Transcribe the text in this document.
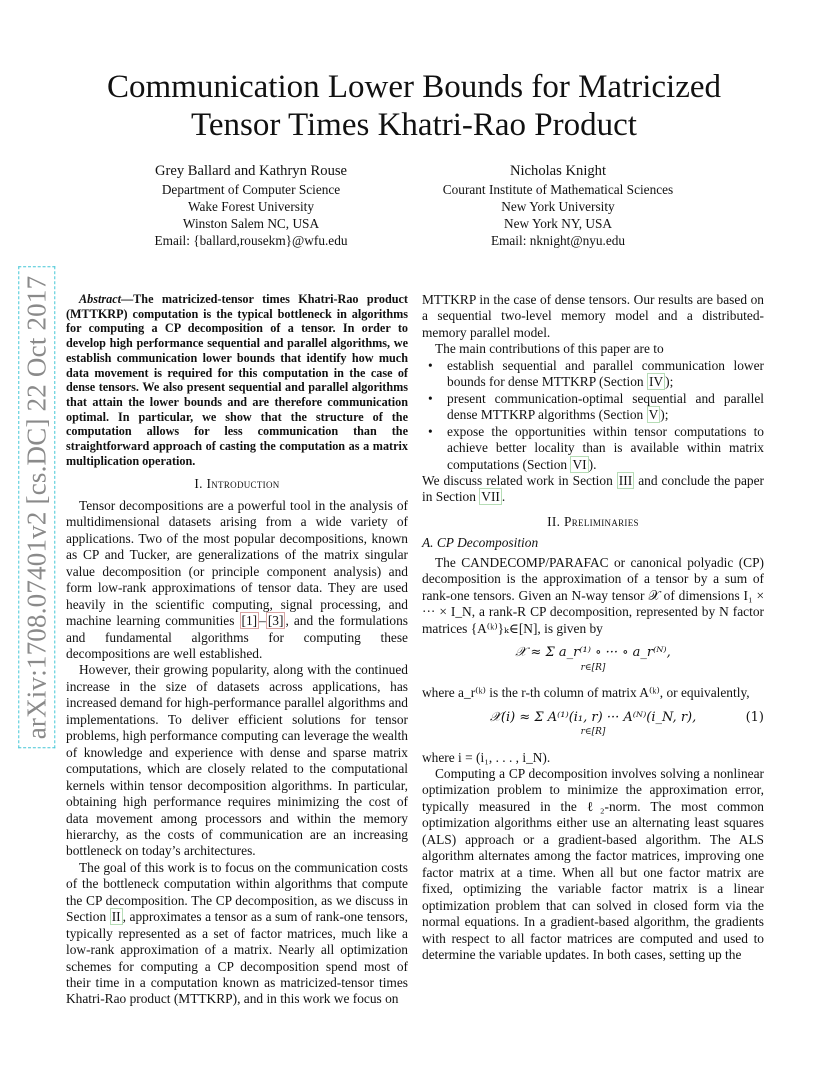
arXiv:1708.07401v2 [cs.DC] 22 Oct 2017
Communication Lower Bounds for Matricized Tensor Times Khatri-Rao Product
Grey Ballard and Kathryn Rouse
Department of Computer Science
Wake Forest University
Winston Salem NC, USA
Email: {ballard,rousekm}@wfu.edu
Nicholas Knight
Courant Institute of Mathematical Sciences
New York University
New York NY, USA
Email: nknight@nyu.edu

Abstract—The matricized-tensor times Khatri-Rao product (MTTKRP) computation is the typical bottleneck in algorithms for computing a CP decomposition of a tensor. In order to develop high performance sequential and parallel algorithms, we establish communication lower bounds that identify how much data movement is required for this computation in the case of dense tensors. We also present sequential and parallel algorithms that attain the lower bounds and are therefore communication optimal. In particular, we show that the structure of the computation allows for less communication than the straightforward approach of casting the computation as a matrix multiplication operation.

I. Introduction

Tensor decompositions are a powerful tool in the analysis of multidimensional datasets arising from a wide variety of applications. Two of the most popular decompositions, known as CP and Tucker, are generalizations of the matrix singular value decomposition (or principle component analysis) and form low-rank approximations of tensor data. They are used heavily in the scientific computing, signal processing, and machine learning communities [1] – [3] , and the formulations and fundamental algorithms for computing these decompositions are well established.

However, their growing popularity, along with the continued increase in the size of datasets across applications, has increased demand for high-performance parallel algorithms and implementations. To deliver efficient solutions for tensor problems, high performance computing can leverage the wealth of knowledge and experience with dense and sparse matrix computations, which are closely related to the computational kernels within tensor decomposition algorithms. In particular, obtaining high performance requires minimizing the cost of data movement among processors and within the memory hierarchy, as the costs of communication are an increasing bottleneck on today’s architectures.

The goal of this work is to focus on the communication costs of the bottleneck computation within algorithms that compute the CP decomposition. The CP decomposition, as we discuss in Section II , approximates a tensor as a sum of rank-one tensors, typically represented as a set of factor matrices, much like a low-rank approximation of a matrix. Nearly all optimization schemes for computing a CP decomposition spend most of their time in a computation known as matricized-tensor times Khatri-Rao product (MTTKRP), and in this work we focus on

MTTKRP in the case of dense tensors. Our results are based on a sequential two-level memory model and a distributed-memory parallel model.

The main contributions of this paper are to

• establish sequential and parallel communication lower bounds for dense MTTKRP (Section IV );
• present communication-optimal sequential and parallel dense MTTKRP algorithms (Section V );
• expose the opportunities within tensor computations to achieve better locality than is available within matrix computations (Section VI ).

We discuss related work in Section III and conclude the paper in Section VII .

II. Preliminaries
A. CP Decomposition

The CANDECOMP/PARAFAC or canonical polyadic (CP) decomposition is the approximation of a tensor by a sum of rank-one tensors. Given an N-way tensor 𝒳 of dimensions I₁ × ··· × I_N, a rank-R CP decomposition, represented by N factor matrices {A⁽ᵏ⁾}ₖ∈[N], is given by

𝒳 ≈ Σ a_r⁽¹⁾ ∘ ··· ∘ a_r⁽ᴺ⁾,
r∈[R]

where a_r⁽ᵏ⁾ is the r-th column of matrix A⁽ᵏ⁾, or equivalently,

𝒳(i) ≈ Σ A⁽¹⁾(i₁, r) ··· A⁽ᴺ⁾(i_N, r),
r∈[R]
(1)

where i = (i₁, . . . , i_N).

Computing a CP decomposition involves solving a nonlinear optimization problem to minimize the approximation error, typically measured in the ℓ₂-norm. The most common optimization algorithms either use an alternating least squares (ALS) approach or a gradient-based algorithm. The ALS algorithm alternates among the factor matrices, improving one factor matrix at a time. When all but one factor matrix are fixed, optimizing the variable factor matrix is a linear optimization problem that can solved in closed form via the normal equations. In a gradient-based algorithm, the gradients with respect to all factor matrices are computed and used to determine the variable updates. In both cases, setting up the
